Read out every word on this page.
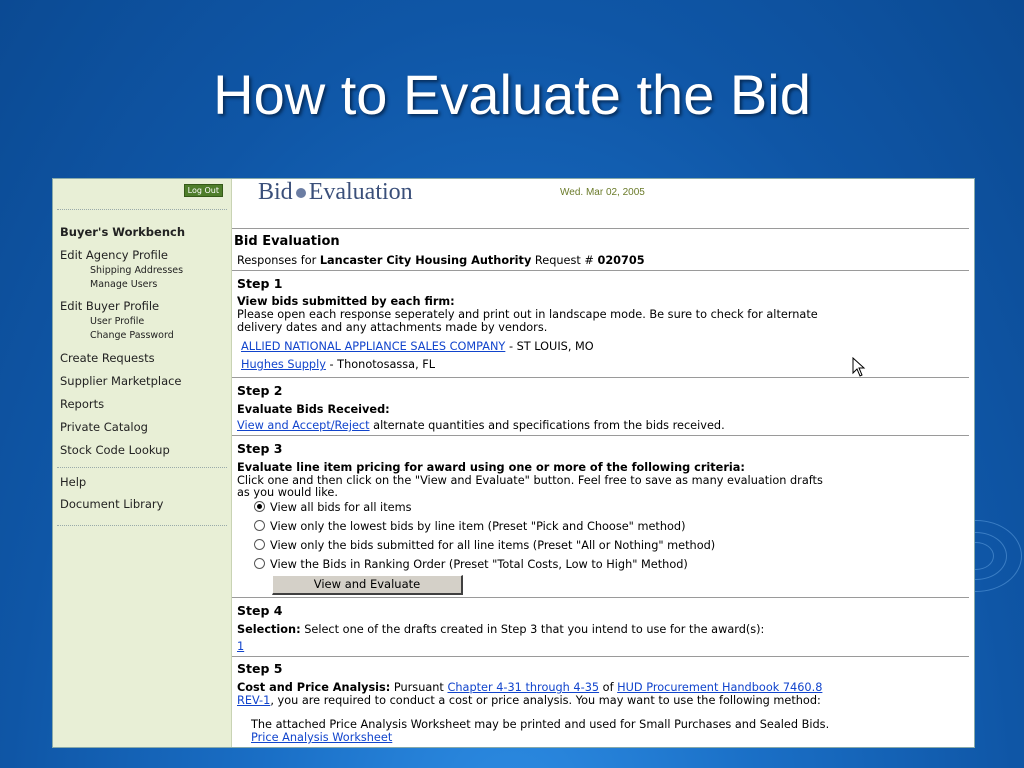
How to Evaluate the Bid
Log Out
Buyer's Workbench
Edit Agency Profile
Shipping Addresses
Manage Users
Edit Buyer Profile
User Profile
Change Password
Create Requests
Supplier Marketplace
Reports
Private Catalog
Stock Code Lookup
Help
Document Library
Bid Evaluation	Wed. Mar 02, 2005
Bid Evaluation
Responses for Lancaster City Housing Authority Request # 020705
Step 1
View bids submitted by each firm:
Please open each response seperately and print out in landscape mode. Be sure to check for alternate
delivery dates and any attachments made by vendors.
ALLIED NATIONAL APPLIANCE SALES COMPANY - ST LOUIS, MO
Hughes Supply - Thonotosassa, FL
Step 2
Evaluate Bids Received:
View and Accept/Reject alternate quantities and specifications from the bids received.
Step 3
Evaluate line item pricing for award using one or more of the following criteria:
Click one and then click on the "View and Evaluate" button. Feel free to save as many evaluation drafts
as you would like.
View all bids for all items
View only the lowest bids by line item (Preset "Pick and Choose" method)
View only the bids submitted for all line items (Preset "All or Nothing" method)
View the Bids in Ranking Order (Preset "Total Costs, Low to High" Method)
View and Evaluate
Step 4
Selection: Select one of the drafts created in Step 3 that you intend to use for the award(s):
1
Step 5
Cost and Price Analysis: Pursuant Chapter 4-31 through 4-35 of HUD Procurement Handbook 7460.8
REV-1, you are required to conduct a cost or price analysis. You may want to use the following method:
The attached Price Analysis Worksheet may be printed and used for Small Purchases and Sealed Bids.
Price Analysis Worksheet
